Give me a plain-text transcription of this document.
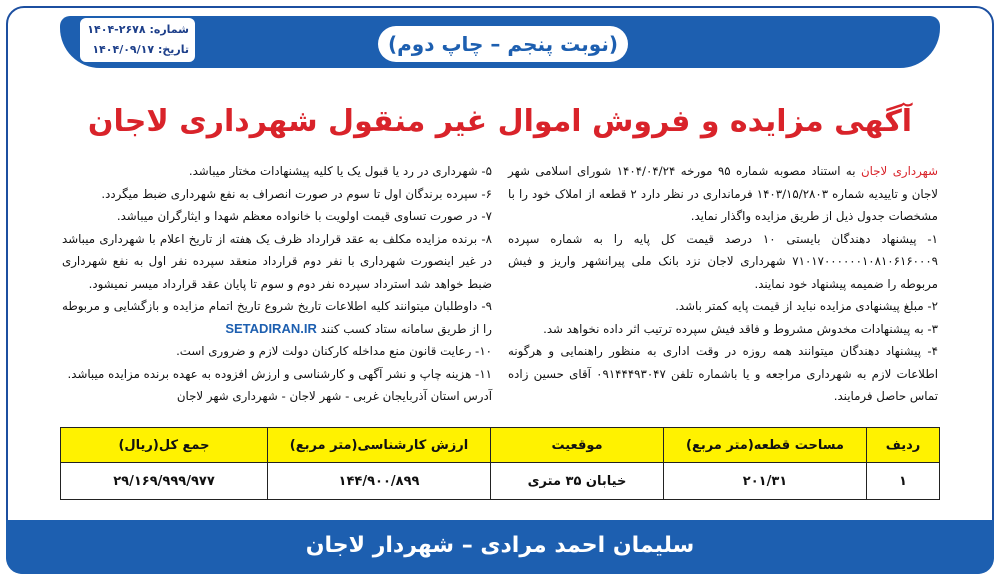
(نوبت پنجم – چاپ دوم)
شماره: ۲۶۷۸-۱۴۰۴
تاریخ: ۱۴۰۴/۰۹/۱۷
آگهی مزایده و فروش اموال غیر منقول شهرداری لاجان

شهرداری لاجان به استناد مصوبه شماره ۹۵ مورخه ۱۴۰۴/۰۴/۲۴ شورای اسلامی شهر لاجان و تاییدیه شماره ۱۴۰۳/۱۵/۲۸۰۳ فرمانداری در نظر دارد ۲ قطعه از املاک خود را با مشخصات جدول ذیل از طریق مزایده واگذار نماید.

۱- پیشنهاد دهندگان بایستی ۱۰ درصد قیمت کل پایه را به شماره سپرده ۷۱۰۱۷۰۰۰۰۰۰۱۰۸۱۰۶۱۶۰۰۰۹ شهرداری لاجان نزد بانک ملی پیرانشهر واریز و فیش مربوطه را ضمیمه پیشنهاد خود نمایند.

۲- مبلغ پیشنهادی مزایده نباید از قیمت پایه کمتر باشد.

۳- به پیشنهادات مخدوش مشروط و فاقد فیش سپرده ترتیب اثر داده نخواهد شد.

۴- پیشنهاد دهندگان میتوانند همه روزه در وقت اداری به منظور راهنمایی و هرگونه اطلاعات لازم به شهرداری مراجعه و یا باشماره تلفن ۰۹۱۴۴۴۹۳۰۴۷ آقای حسین زاده تماس حاصل فرمایند.

۵- شهرداری در رد یا قبول یک یا کلیه پیشنهادات مختار میباشد.

۶- سپرده برندگان اول تا سوم در صورت انصراف به نفع شهرداری ضبط میگردد.

۷- در صورت تساوی قیمت اولویت با خانواده معظم شهدا و ایثارگران میباشد.

۸- برنده مزایده مکلف به عقد قرارداد ظرف یک هفته از تاریخ اعلام با شهرداری میباشد در غیر اینصورت شهرداری با نفر دوم قرارداد منعقد سپرده نفر اول به نفع شهرداری ضبط خواهد شد استرداد سپرده نفر دوم و سوم تا پایان عقد قرارداد میسر نمیشود.

۹- داوطلبان میتوانند کلیه اطلاعات تاریخ شروع تاریخ اتمام مزایده و بازگشایی و مربوطه را از طریق سامانه ستاد کسب کنند SETADIRAN.IR

۱۰- رعایت قانون منع مداخله کارکنان دولت لازم و ضروری است.

۱۱- هزینه چاپ و نشر آگهی و کارشناسی و ارزش افزوده به عهده برنده مزایده میباشد.

آدرس استان آذربایجان غربی - شهر لاجان - شهرداری شهر لاجان

ردیف	مساحت قطعه(متر مربع)	موقعیت	ارزش کارشناسی(متر مربع)	جمع کل(ریال)
۱	۲۰۱/۳۱	خیابان ۳۵ متری	۱۴۴/۹۰۰/۸۹۹	۲۹/۱۶۹/۹۹۹/۹۷۷
سلیمان احمد مرادی – شهردار لاجان
